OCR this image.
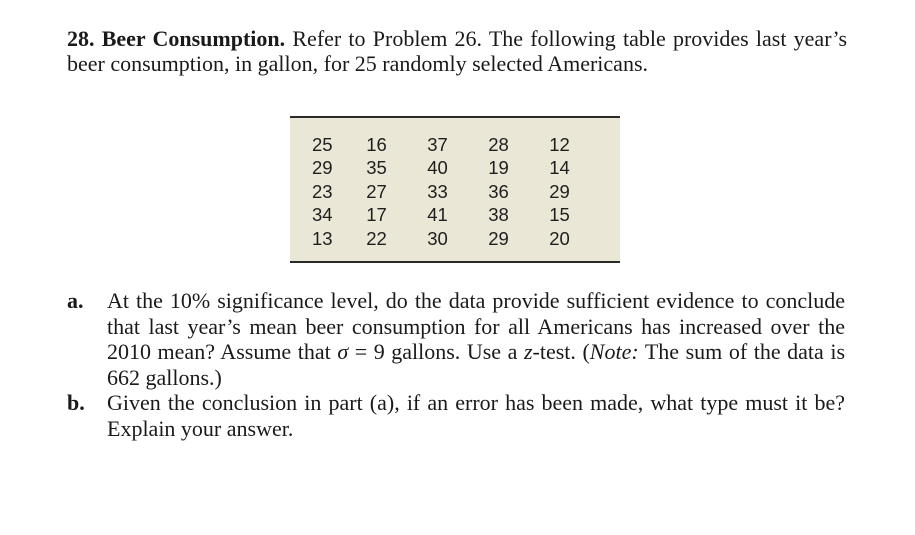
28. Beer Consumption. Refer to Problem 26. The following table provides last year’s beer consumption, in gallon, for 25 randomly selected Americans.
25	16	37	28	12
29	35	40	19	14
23	27	33	36	29
34	17	41	38	15
13	22	30	29	20
a. At the 10% significance level, do the data provide sufficient evidence to conclude that last year’s mean beer consumption for all Americans has increased over the 2010 mean? Assume that σ = 9 gallons. Use a z-test. (Note: The sum of the data is 662 gallons.)
b. Given the conclusion in part (a), if an error has been made, what type must it be? Explain your answer.
